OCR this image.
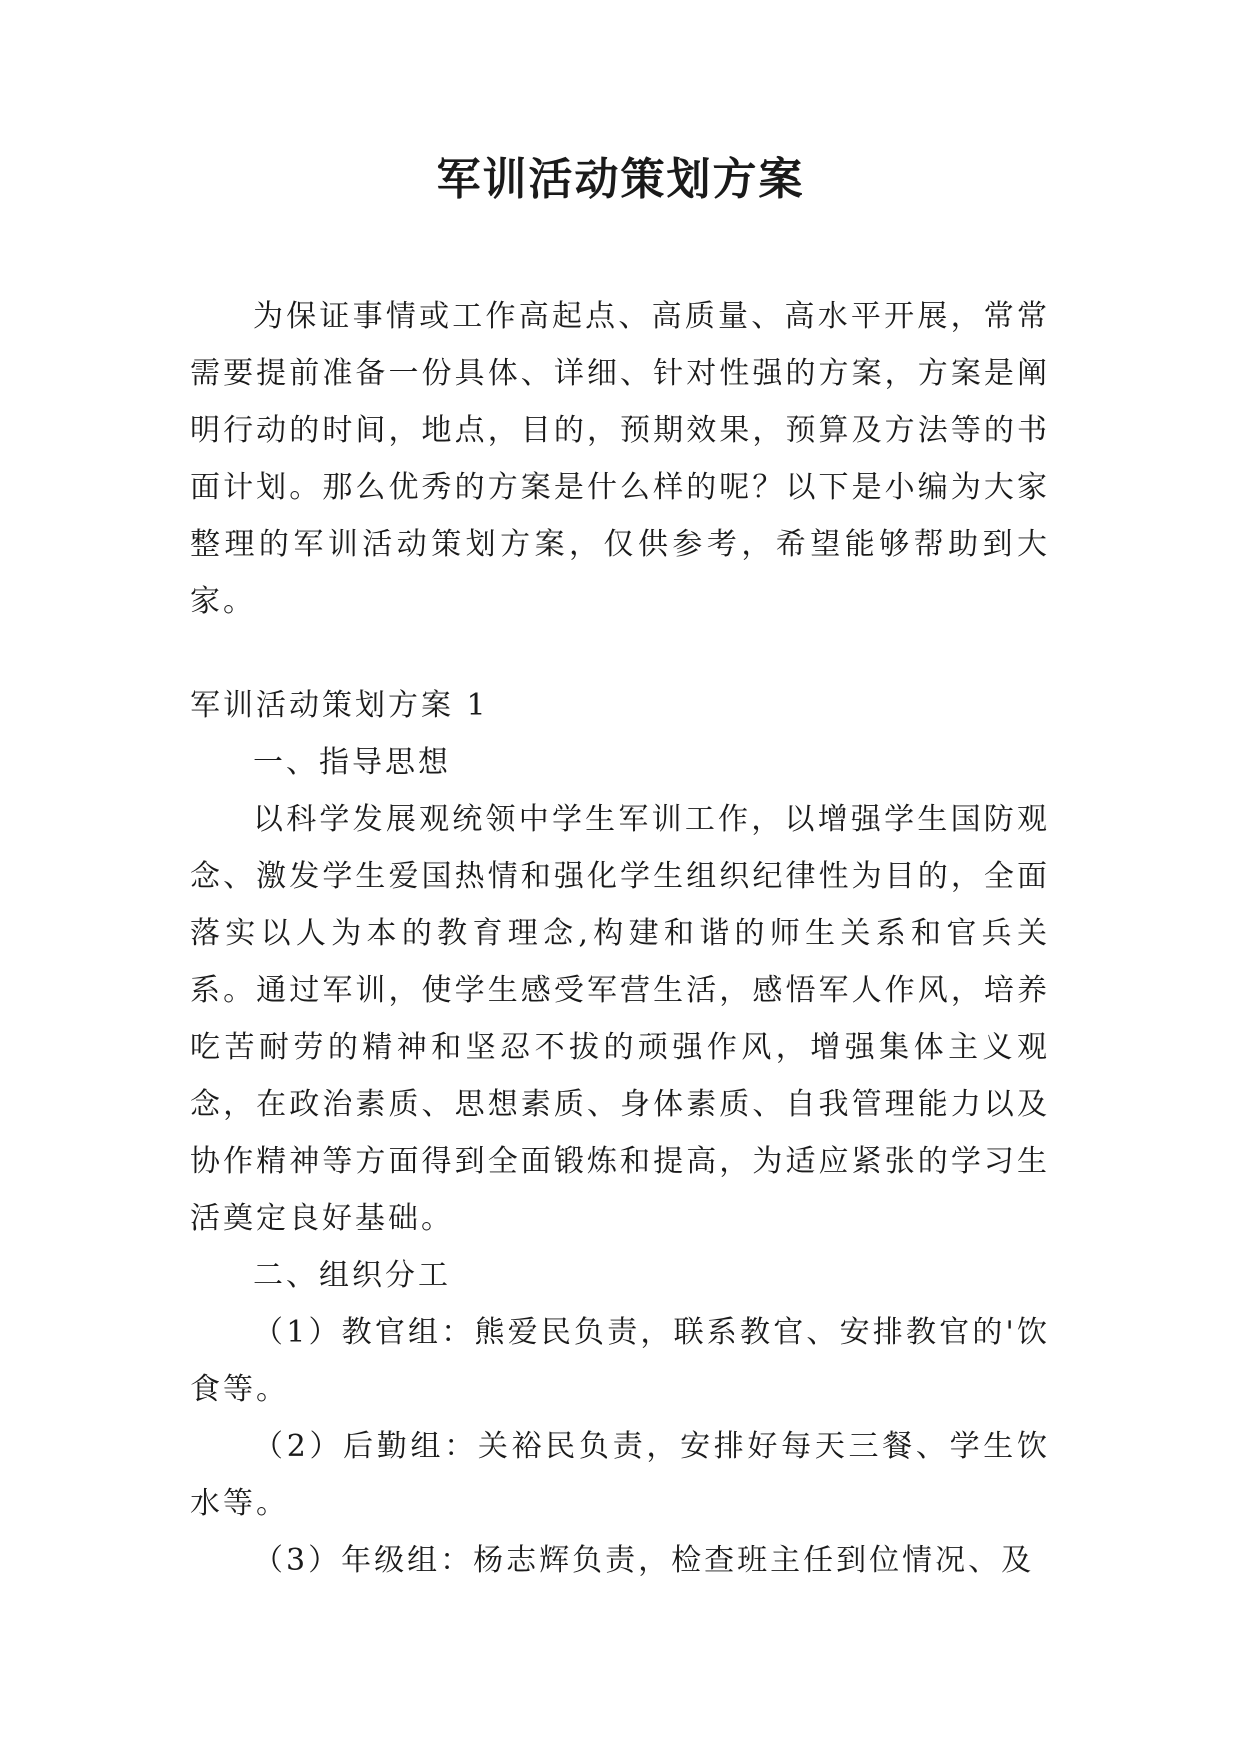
军训活动策划方案

为保证事情或工作高起点、高质量、高水平开展，常常需要提前准备一份具体、详细、针对性强的方案，方案是阐明行动的时间，地点，目的，预期效果，预算及方法等的书面计划。那么优秀的方案是什么样的呢？以下是小编为大家整理的军训活动策划方案，仅供参考，希望能够帮助到大家。

军训活动策划方案 1

一、指导思想

以科学发展观统领中学生军训工作，以增强学生国防观念、激发学生爱国热情和强化学生组织纪律性为目的，全面落实以人为本的教育理念,构建和谐的师生关系和官兵关系。通过军训，使学生感受军营生活，感悟军人作风，培养吃苦耐劳的精神和坚忍不拔的顽强作风，增强集体主义观念，在政治素质、思想素质、身体素质、自我管理能力以及协作精神等方面得到全面锻炼和提高，为适应紧张的学习生活奠定良好基础。

二、组织分工

（1）教官组：熊爱民负责，联系教官、安排教官的'饮食等。

（2）后勤组：关裕民负责，安排好每天三餐、学生饮水等。

（3）年级组：杨志辉负责，检查班主任到位情况、及
